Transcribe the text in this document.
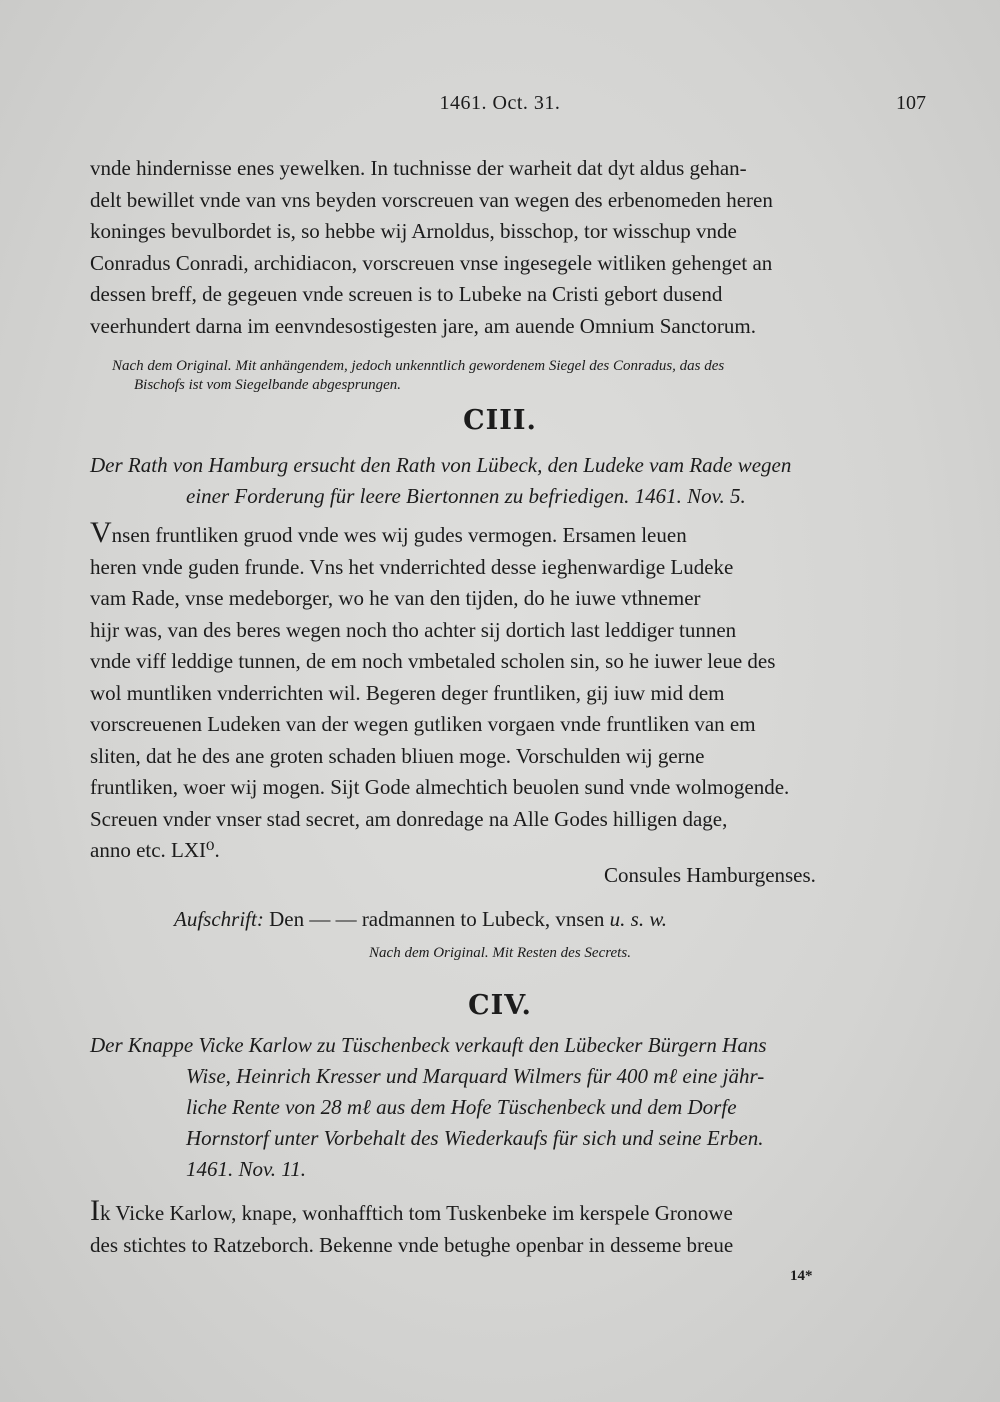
1461. Oct. 31.	107

vnde hindernisse enes yewelken. In tuchnisse der warheit dat dyt aldus gehan-

delt bewillet vnde van vns beyden vorscreuen van wegen des erbenomeden heren

koninges bevulbordet is, so hebbe wij Arnoldus, bisschop, tor wisschup vnde

Conradus Conradi, archidiacon, vorscreuen vnse ingesegele witliken gehenget an

dessen breff, de gegeuen vnde screuen is to Lubeke na Cristi gebort dusend

veerhundert darna im eenvndesostigesten jare, am auende Omnium Sanctorum.

Nach dem Original. Mit anhängendem, jedoch unkenntlich gewordenem Siegel des Conradus, das des
Bischofs ist vom Siegelbande abgesprungen.
CIII.
Der Rath von Hamburg ersucht den Rath von Lübeck, den Ludeke vam Rade wegen
einer Forderung für leere Biertonnen zu befriedigen. 1461. Nov. 5.

Vnsen fruntliken gruod vnde wes wij gudes vermogen. Ersamen leuen

heren vnde guden frunde. Vns het vnderrichted desse ieghenwardige Ludeke

vam Rade, vnse medeborger, wo he van den tijden, do he iuwe vthnemer

hijr was, van des beres wegen noch tho achter sij dortich last leddiger tunnen

vnde viff leddige tunnen, de em noch vmbetaled scholen sin, so he iuwer leue des

wol muntliken vnderrichten wil. Begeren deger fruntliken, gij iuw mid dem

vorscreuenen Ludeken van der wegen gutliken vorgaen vnde fruntliken van em

sliten, dat he des ane groten schaden bliuen moge. Vorschulden wij gerne

fruntliken, woer wij mogen. Sijt Gode almechtich beuolen sund vnde wolmogende.

Screuen vnder vnser stad secret, am donredage na Alle Godes hilligen dage,

anno etc. LXI⁰.

Consules Hamburgenses.
Aufschrift: Den — — radmannen to Lubeck, vnsen u. s. w.
Nach dem Original. Mit Resten des Secrets.
CIV.
Der Knappe Vicke Karlow zu Tüschenbeck verkauft den Lübecker Bürgern Hans
Wise, Heinrich Kresser und Marquard Wilmers für 400 mℓ eine jähr-
liche Rente von 28 mℓ aus dem Hofe Tüschenbeck und dem Dorfe
Hornstorf unter Vorbehalt des Wiederkaufs für sich und seine Erben.
1461. Nov. 11.

Ik Vicke Karlow, knape, wonhafftich tom Tuskenbeke im kerspele Gronowe

des stichtes to Ratzeborch. Bekenne vnde betughe openbar in desseme breue

14*
